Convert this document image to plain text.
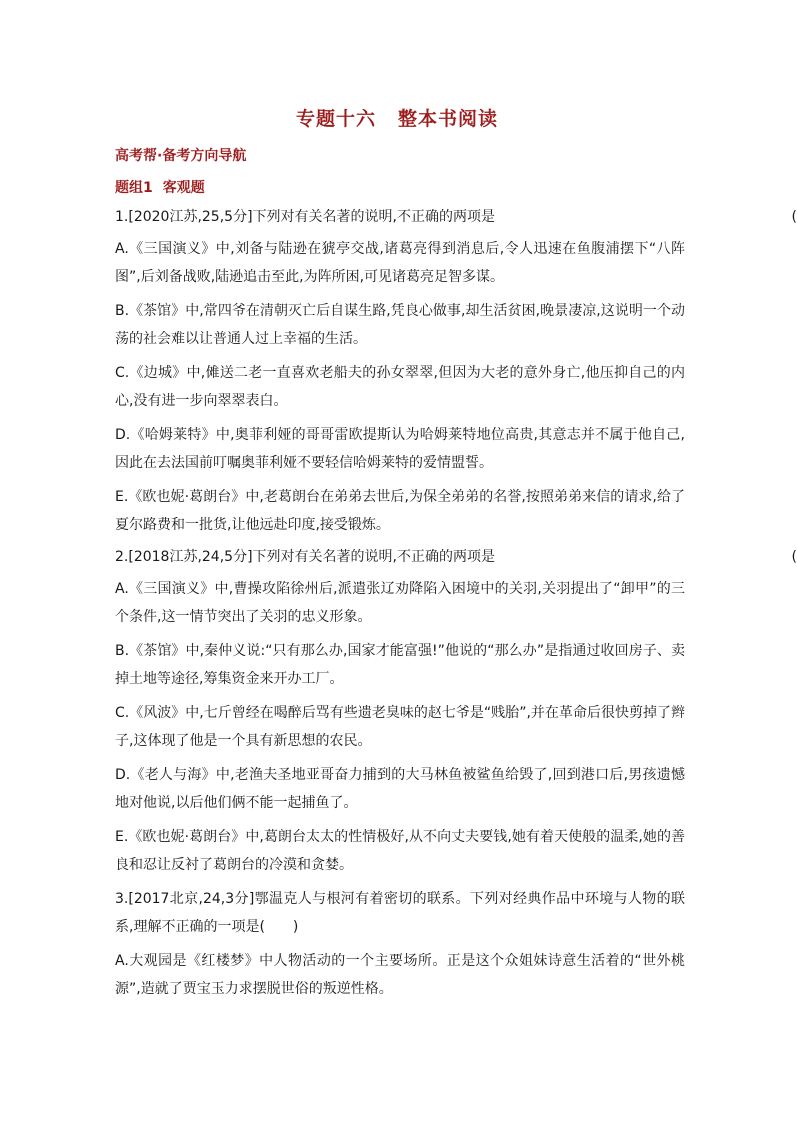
专题十六 整本书阅读
高考帮·备考方向导航
题组1 客观题
1.[2020江苏,25,5分]下列对有关名著的说明,不正确的两项是	(
A.《三国演义》中,刘备与陆逊在猇亭交战,诸葛亮得到消息后,令人迅速在鱼腹浦摆下“八阵图”,后刘备战败,陆逊追击至此,为阵所困,可见诸葛亮足智多谋。
B.《茶馆》中,常四爷在清朝灭亡后自谋生路,凭良心做事,却生活贫困,晚景凄凉,这说明一个动荡的社会难以让普通人过上幸福的生活。
C.《边城》中,傩送二老一直喜欢老船夫的孙女翠翠,但因为大老的意外身亡,他压抑自己的内心,没有进一步向翠翠表白。
D.《哈姆莱特》中,奥菲利娅的哥哥雷欧提斯认为哈姆莱特地位高贵,其意志并不属于他自己,因此在去法国前叮嘱奥菲利娅不要轻信哈姆莱特的爱情盟誓。
E.《欧也妮·葛朗台》中,老葛朗台在弟弟去世后,为保全弟弟的名誉,按照弟弟来信的请求,给了夏尔路费和一批货,让他远赴印度,接受锻炼。
2.[2018江苏,24,5分]下列对有关名著的说明,不正确的两项是	(
A.《三国演义》中,曹操攻陷徐州后,派遣张辽劝降陷入困境中的关羽,关羽提出了“卸甲”的三个条件,这一情节突出了关羽的忠义形象。
B.《茶馆》中,秦仲义说:“只有那么办,国家才能富强!”他说的“那么办”是指通过收回房子、卖掉土地等途径,筹集资金来开办工厂。
C.《风波》中,七斤曾经在喝醉后骂有些遗老臭味的赵七爷是“贱胎”,并在革命后很快剪掉了辫子,这体现了他是一个具有新思想的农民。
D.《老人与海》中,老渔夫圣地亚哥奋力捕到的大马林鱼被鲨鱼给毁了,回到港口后,男孩遗憾地对他说,以后他们俩不能一起捕鱼了。
E.《欧也妮·葛朗台》中,葛朗台太太的性情极好,从不向丈夫要钱,她有着天使般的温柔,她的善良和忍让反衬了葛朗台的冷漠和贪婪。
3.[2017北京,24,3分]鄂温克人与根河有着密切的联系。下列对经典作品中环境与人物的联系,理解不正确的一项是(　　)
A.大观园是《红楼梦》中人物活动的一个主要场所。正是这个众姐妹诗意生活着的“世外桃源”,造就了贾宝玉力求摆脱世俗的叛逆性格。
